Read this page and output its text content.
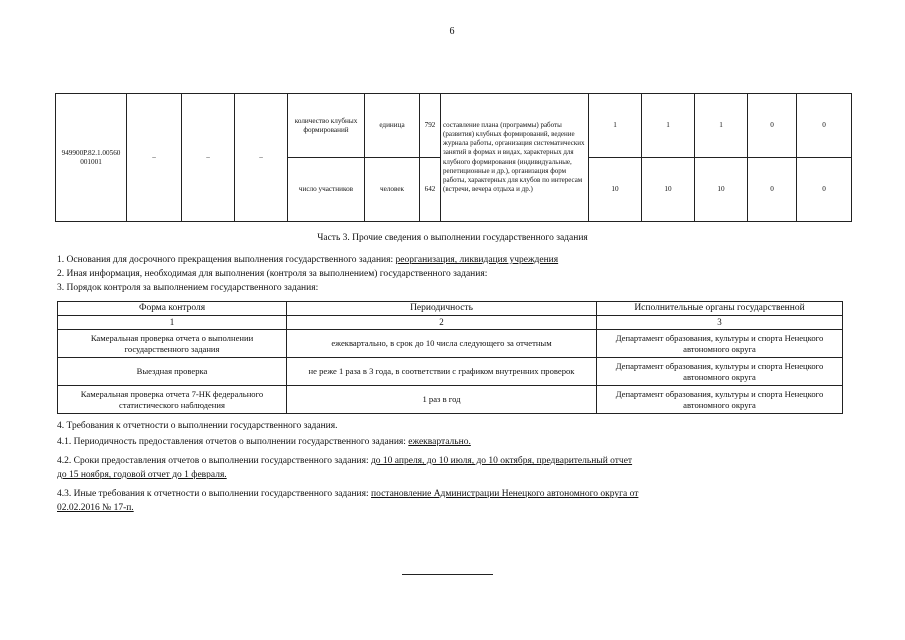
6
949900Р.82.1.00560 001001	–	–	–	количество клубных формирований	единица	792	составление плана (программы) работы (развития) клубных формирований, ведение журнала работы, организация систематических занятий в формах и видах, характерных для клубного формирования (индивидуальные, репетиционные и др.), организация форм работы, характерных для клубов по интересам (встречи, вечера отдыха и др.)	1	1	1	0	0
				число участников	человек	642		10	10	10	0	0
Часть 3. Прочие сведения о выполнении государственного задания
1. Основания для досрочного прекращения выполнения государственного задания: реорганизация, ликвидация учреждения
2. Иная информация, необходимая для выполнения (контроля за выполнением) государственного задания:
3. Порядок контроля за выполнением государственного задания:
Форма контроля	Периодичность	Исполнительные органы государственной
1	2	3
Камеральная проверка отчета о выполнении государственного задания	ежеквартально, в срок до 10 числа следующего за отчетным	Департамент образования, культуры и спорта Ненецкого автономного округа
Выездная проверка	не реже 1 раза в 3 года, в соответствии с графиком внутренних проверок	Департамент образования, культуры и спорта Ненецкого автономного округа
Камеральная проверка отчета 7-НК федерального статистического наблюдения	1 раз в год	Департамент образования, культуры и спорта Ненецкого автономного округа
4. Требования к отчетности о выполнении государственного задания.
4.1. Периодичность предоставления отчетов о выполнении государственного задания: ежеквартально.
4.2. Сроки предоставления отчетов о выполнении государственного задания: до 10 апреля, до 10 июля, до 10 октября, предварительный отчет
до 15 ноября, годовой отчет до 1 февраля.
4.3. Иные требования к отчетности о выполнении государственного задания: постановление Администрации Ненецкого автономного округа от
02.02.2016 № 17-п.
